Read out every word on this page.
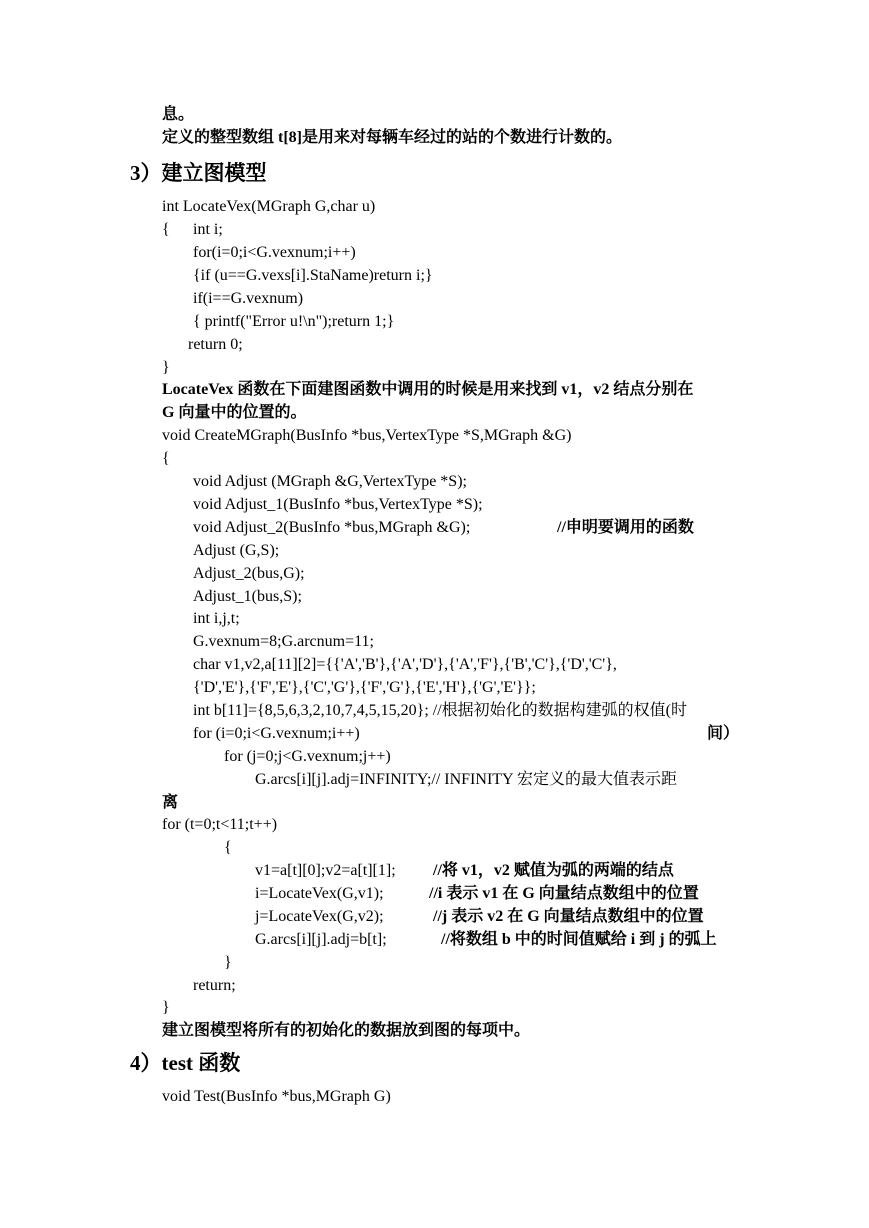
息。
定义的整型数组 t[8]是用来对每辆车经过的站的个数进行计数的。
3）建立图模型
int LocateVex(MGraph G,char u)
{ int i;
for(i=0;i<G.vexnum;i++)
{if (u==G.vexs[i].StaName)return i;}
if(i==G.vexnum)
{ printf("Error u!\n");return 1;}
return 0;
}
LocateVex 函数在下面建图函数中调用的时候是用来找到 v1，v2 结点分别在
G 向量中的位置的。
void CreateMGraph(BusInfo *bus,VertexType *S,MGraph &G)
{
void Adjust (MGraph &G,VertexType *S);
void Adjust_1(BusInfo *bus,VertexType *S);
void Adjust_2(BusInfo *bus,MGraph &G);	//申明要调用的函数
Adjust (G,S);
Adjust_2(bus,G);
Adjust_1(bus,S);
int i,j,t;
G.vexnum=8;G.arcnum=11;
char v1,v2,a[11][2]={{'A','B'},{'A','D'},{'A','F'},{'B','C'},{'D','C'},
{'D','E'},{'F','E'},{'C','G'},{'F','G'},{'E','H'},{'G','E'}};
int b[11]={8,5,6,3,2,10,7,4,5,15,20}; //根据初始化的数据构建弧的权值(时
for (i=0;i<G.vexnum;i++)	间）
for (j=0;j<G.vexnum;j++)
G.arcs[i][j].adj=INFINITY;// INFINITY 宏定义的最大值表示距
离
for (t=0;t<11;t++)
{
v1=a[t][0];v2=a[t][1]; //将 v1，v2 赋值为弧的两端的结点
i=LocateVex(G,v1);	//i 表示 v1 在 G 向量结点数组中的位置
j=LocateVex(G,v2);	//j 表示 v2 在 G 向量结点数组中的位置
G.arcs[i][j].adj=b[t];	//将数组 b 中的时间值赋给 i 到 j 的弧上
}
return;
}
建立图模型将所有的初始化的数据放到图的每项中。
4）test 函数
void Test(BusInfo *bus,MGraph G)
